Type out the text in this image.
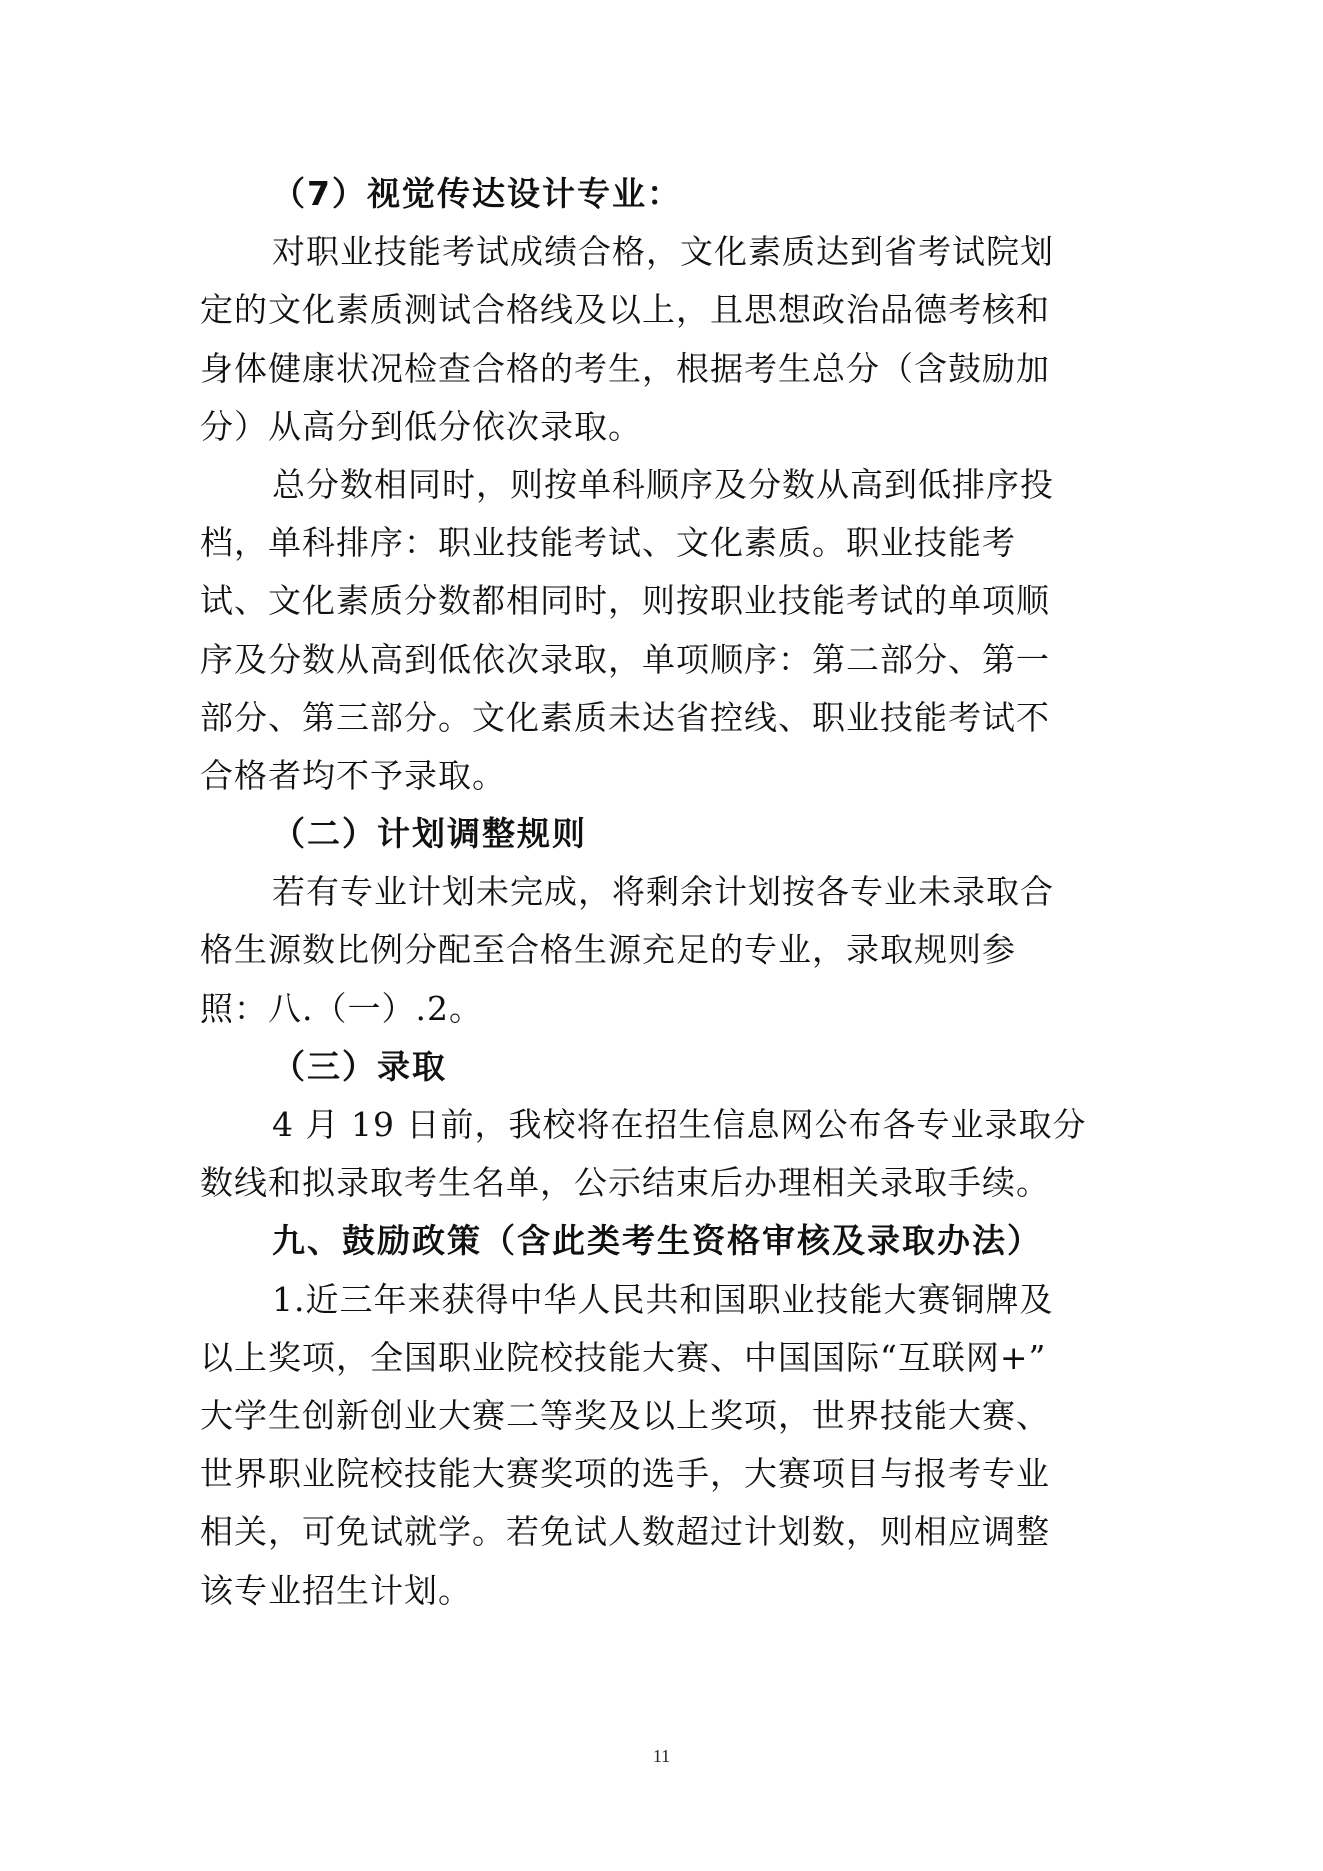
（7）视觉传达设计专业：
对职业技能考试成绩合格，文化素质达到省考试院划
定的文化素质测试合格线及以上，且思想政治品德考核和
身体健康状况检查合格的考生，根据考生总分（含鼓励加
分）从高分到低分依次录取。
总分数相同时，则按单科顺序及分数从高到低排序投
档，单科排序：职业技能考试、文化素质。职业技能考
试、文化素质分数都相同时，则按职业技能考试的单项顺
序及分数从高到低依次录取，单项顺序：第二部分、第一
部分、第三部分。文化素质未达省控线、职业技能考试不
合格者均不予录取。
（二）计划调整规则
若有专业计划未完成，将剩余计划按各专业未录取合
格生源数比例分配至合格生源充足的专业，录取规则参
照：八.（一）.2。
（三）录取
4 月 19 日前，我校将在招生信息网公布各专业录取分
数线和拟录取考生名单，公示结束后办理相关录取手续。
九、鼓励政策（含此类考生资格审核及录取办法）
1.近三年来获得中华人民共和国职业技能大赛铜牌及
以上奖项，全国职业院校技能大赛、中国国际“互联网+”
大学生创新创业大赛二等奖及以上奖项，世界技能大赛、
世界职业院校技能大赛奖项的选手，大赛项目与报考专业
相关，可免试就学。若免试人数超过计划数，则相应调整
该专业招生计划。
11
